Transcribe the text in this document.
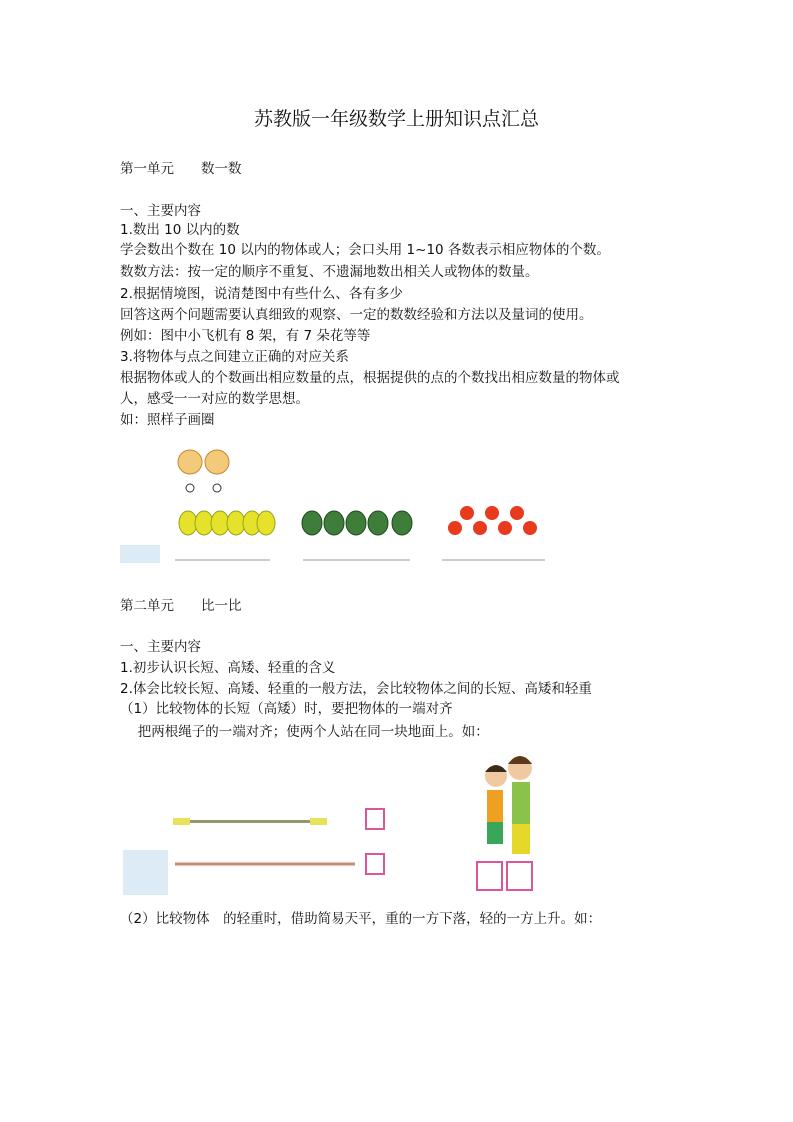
苏教版一年级数学上册知识点汇总
第一单元　　数一数
一、主要内容
1.数出 10 以内的数
学会数出个数在 10 以内的物体或人；会口头用 1~10 各数表示相应物体的个数。
数数方法：按一定的顺序不重复、不遗漏地数出相关人或物体的数量。
2.根据情境图，说清楚图中有些什么、各有多少
回答这两个问题需要认真细致的观察、一定的数数经验和方法以及量词的使用。
例如：图中小飞机有 8 架，有 7 朵花等等
3.将物体与点之间建立正确的对应关系
根据物体或人的个数画出相应数量的点，根据提供的点的个数找出相应数量的物体或
人，感受一一对应的数学思想。
如：照样子画圈
第二单元　　比一比
一、主要内容
1.初步认识长短、高矮、轻重的含义
2.体会比较长短、高矮、轻重的一般方法，会比较物体之间的长短、高矮和轻重
（1）比较物体的长短（高矮）时，要把物体的一端对齐
　 把两根绳子的一端对齐；使两个人站在同一块地面上。如：
（2）比较物体　的轻重时，借助简易天平，重的一方下落，轻的一方上升。如：
